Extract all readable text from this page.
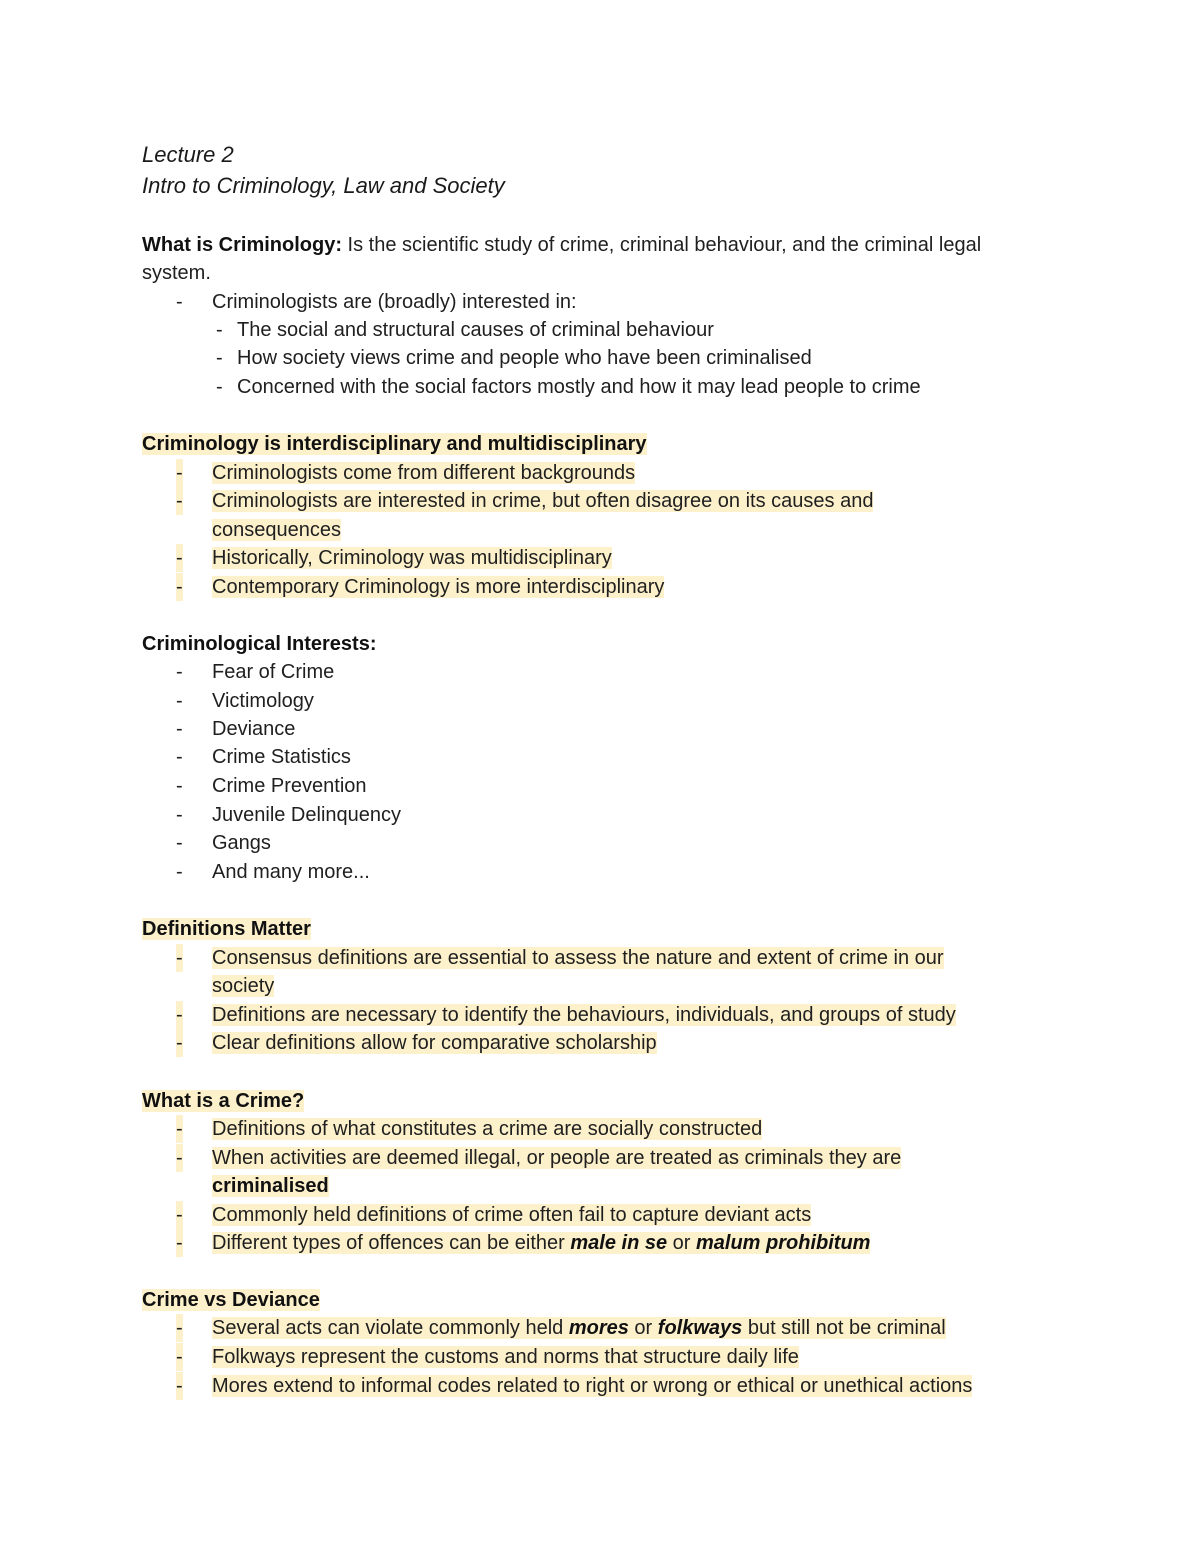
Lecture 2
Intro to Criminology, Law and Society
What is Criminology: Is the scientific study of crime, criminal behaviour, and the criminal legal
system.
- Criminologists are (broadly) interested in:
- The social and structural causes of criminal behaviour
- How society views crime and people who have been criminalised
- Concerned with the social factors mostly and how it may lead people to crime
Criminology is interdisciplinary and multidisciplinary
- Criminologists come from different backgrounds
- Criminologists are interested in crime, but often disagree on its causes and
consequences
- Historically, Criminology was multidisciplinary
- Contemporary Criminology is more interdisciplinary
Criminological Interests:
- Fear of Crime
- Victimology
- Deviance
- Crime Statistics
- Crime Prevention
- Juvenile Delinquency
- Gangs
- And many more...
Definitions Matter
- Consensus definitions are essential to assess the nature and extent of crime in our
society
- Definitions are necessary to identify the behaviours, individuals, and groups of study
- Clear definitions allow for comparative scholarship
What is a Crime?
- Definitions of what constitutes a crime are socially constructed
- When activities are deemed illegal, or people are treated as criminals they are
criminalised
- Commonly held definitions of crime often fail to capture deviant acts
- Different types of offences can be either male in se or malum prohibitum
Crime vs Deviance
- Several acts can violate commonly held mores or folkways but still not be criminal
- Folkways represent the customs and norms that structure daily life
- Mores extend to informal codes related to right or wrong or ethical or unethical actions
